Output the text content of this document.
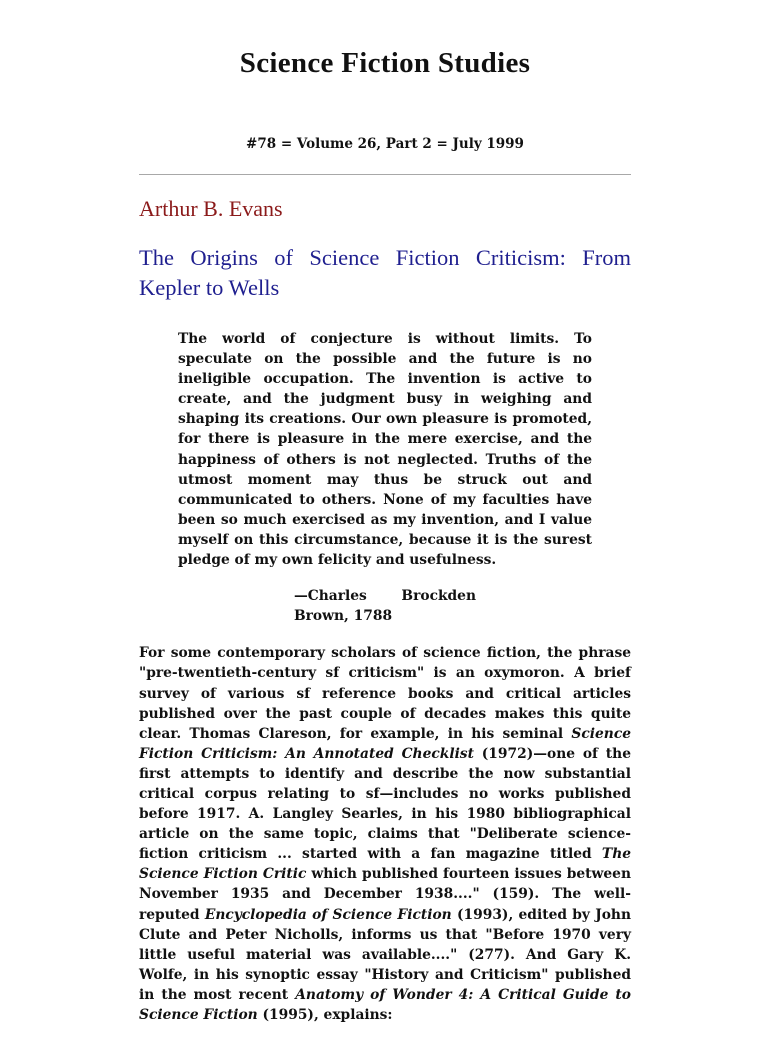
Science Fiction Studies
#78 = Volume 26, Part 2 = July 1999
Arthur B. Evans
The Origins of Science Fiction Criticism: From Kepler to Wells
The world of conjecture is without limits. To speculate on the possible and the future is no ineligible occupation. The invention is active to create, and the judgment busy in weighing and shaping its creations. Our own pleasure is promoted, for there is pleasure in the mere exercise, and the happiness of others is not neglected. Truths of the utmost moment may thus be struck out and communicated to others. None of my faculties have been so much exercised as my invention, and I value myself on this circumstance, because it is the surest pledge of my own felicity and usefulness.
—Charles Brockden Brown, 1788

For some contemporary scholars of science fiction, the phrase "pre-twentieth-century sf criticism" is an oxymoron. A brief survey of various sf reference books and critical articles published over the past couple of decades makes this quite clear. Thomas Clareson, for example, in his seminal Science Fiction Criticism: An Annotated Checklist (1972)—one of the first attempts to identify and describe the now substantial critical corpus relating to sf—includes no works published before 1917. A. Langley Searles, in his 1980 bibliographical article on the same topic, claims that "Deliberate science-fiction criticism ... started with a fan magazine titled The Science Fiction Critic which published fourteen issues between November 1935 and December 1938...." (159). The well-reputed Encyclopedia of Science Fiction (1993), edited by John Clute and Peter Nicholls, informs us that "Before 1970 very little useful material was available...." (277). And Gary K. Wolfe, in his synoptic essay "History and Criticism" published in the most recent Anatomy of Wonder 4: A Critical Guide to Science Fiction (1995), explains:
